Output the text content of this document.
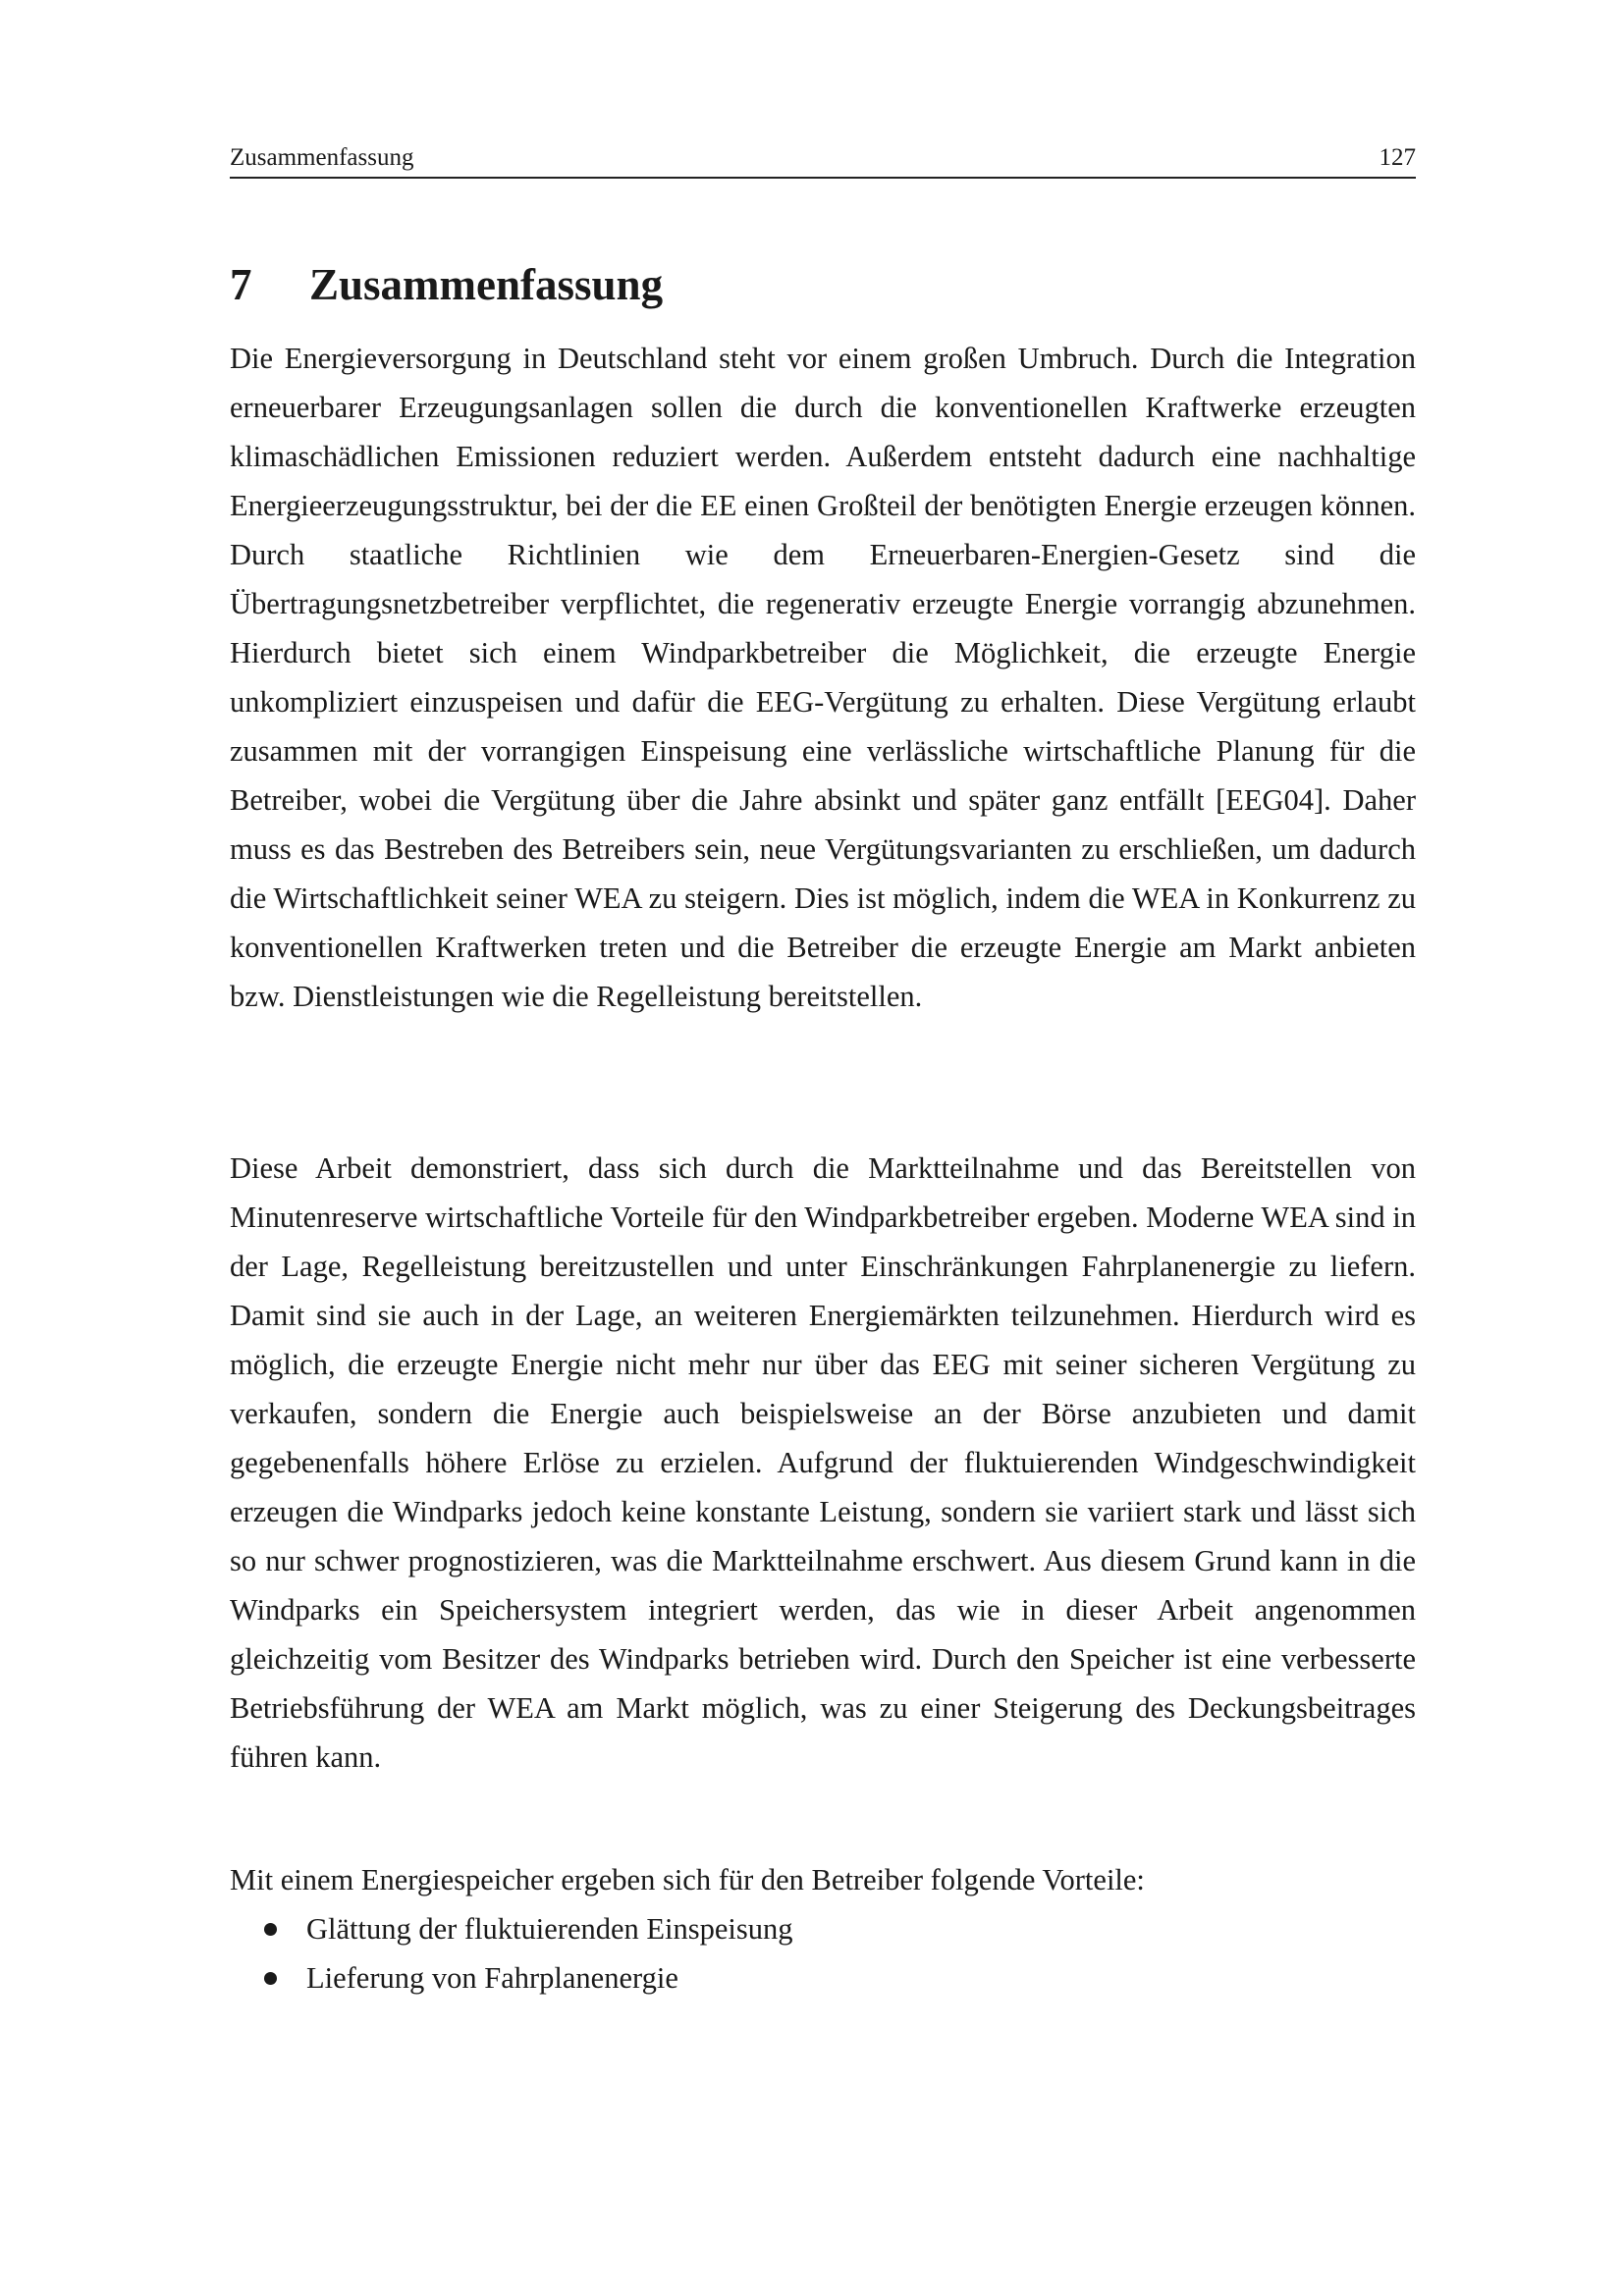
Zusammenfassung	127
7 Zusammenfassung

Die Energieversorgung in Deutschland steht vor einem großen Umbruch. Durch die Integration erneuerbarer Erzeugungsanlagen sollen die durch die konventionellen Kraftwerke erzeugten klimaschädlichen Emissionen reduziert werden. Außerdem entsteht dadurch eine nachhaltige Energieerzeugungsstruktur, bei der die EE einen Großteil der benötigten Energie erzeugen können. Durch staatliche Richtlinien wie dem Erneuerbaren-Energien-Gesetz sind die Übertragungsnetzbetreiber verpflichtet, die regenerativ erzeugte Energie vorrangig abzunehmen. Hierdurch bietet sich einem Windparkbetreiber die Möglichkeit, die erzeugte Energie unkompliziert einzuspeisen und dafür die EEG-Vergütung zu erhalten. Diese Vergütung erlaubt zusammen mit der vorrangigen Einspeisung eine verlässliche wirtschaftliche Planung für die Betreiber, wobei die Vergütung über die Jahre absinkt und später ganz entfällt [EEG04]. Daher muss es das Bestreben des Betreibers sein, neue Vergütungsvarianten zu erschließen, um dadurch die Wirtschaftlichkeit seiner WEA zu steigern. Dies ist möglich, indem die WEA in Konkurrenz zu konventionellen Kraftwerken treten und die Betreiber die erzeugte Energie am Markt anbieten bzw. Dienstleistungen wie die Regelleistung bereitstellen.

Diese Arbeit demonstriert, dass sich durch die Marktteilnahme und das Bereitstellen von Minutenreserve wirtschaftliche Vorteile für den Windparkbetreiber ergeben. Moderne WEA sind in der Lage, Regelleistung bereitzustellen und unter Einschränkungen Fahrplanenergie zu liefern. Damit sind sie auch in der Lage, an weiteren Energiemärkten teilzunehmen. Hierdurch wird es möglich, die erzeugte Energie nicht mehr nur über das EEG mit seiner sicheren Vergütung zu verkaufen, sondern die Energie auch beispielsweise an der Börse anzubieten und damit gegebenenfalls höhere Erlöse zu erzielen. Aufgrund der fluktuierenden Windgeschwindigkeit erzeugen die Windparks jedoch keine konstante Leistung, sondern sie variiert stark und lässt sich so nur schwer prognostizieren, was die Marktteilnahme erschwert. Aus diesem Grund kann in die Windparks ein Speichersystem integriert werden, das wie in dieser Arbeit angenommen gleichzeitig vom Besitzer des Windparks betrieben wird. Durch den Speicher ist eine verbesserte Betriebsführung der WEA am Markt möglich, was zu einer Steigerung des Deckungsbeitrages führen kann.

Mit einem Energiespeicher ergeben sich für den Betreiber folgende Vorteile:

Glättung der fluktuierenden Einspeisung
Lieferung von Fahrplanenergie
